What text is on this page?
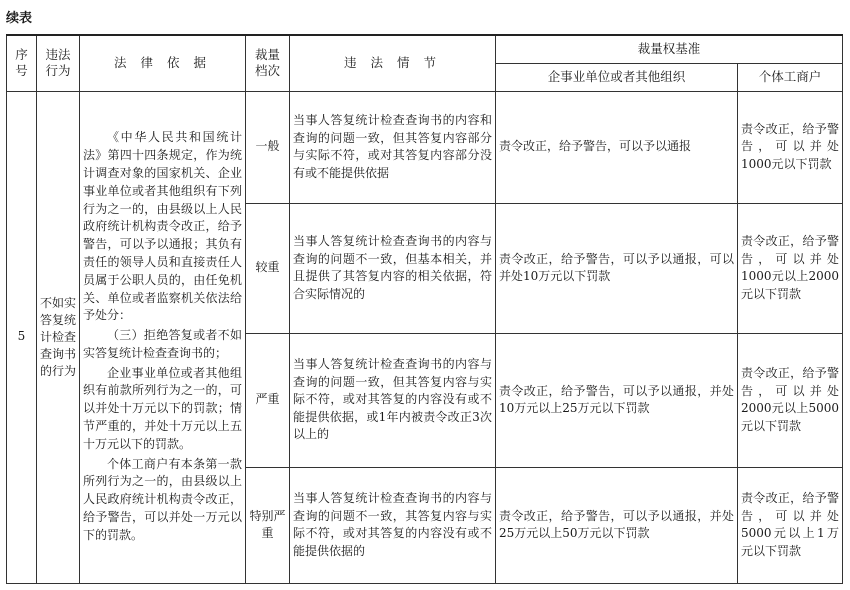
续表
序号	违法行为	法 律 依 据	裁量档次	违 法 情 节	裁量权基准	
					企事业单位或者其他组织	个体工商户
5	不如实答复统计检查查询书的行为	《中华人民共和国统计法》第四十四条规定，作为统计调查对象的国家机关、企业事业单位或者其他组织有下列行为之一的，由县级以上人民政府统计机构责令改正，给予警告，可以予以通报；其负有责任的领导人员和直接责任人员属于公职人员的，由任免机关、单位或者监察机关依法给予处分：

（三）拒绝答复或者不如实答复统计检查查询书的；

企业事业单位或者其他组织有前款所列行为之一的，可以并处十万元以下的罚款；情节严重的，并处十万元以上五十万元以下的罚款。

个体工商户有本条第一款所列行为之一的，由县级以上人民政府统计机构责令改正，给予警告，可以并处一万元以下的罚款。	一般	当事人答复统计检查查询书的内容和查询的问题一致，但其答复内容部分与实际不符，或对其答复内容部分没有或不能提供依据	责令改正，给予警告，可以予以通报	责令改正，给予警告，可以并处1000元以下罚款
			较重	当事人答复统计检查查询书的内容与查询的问题不一致，但基本相关，并且提供了其答复内容的相关依据，符合实际情况的	责令改正，给予警告，可以予以通报，可以并处10万元以下罚款	责令改正，给予警告，可以并处1000元以上2000元以下罚款
			严重	当事人答复统计检查查询书的内容与查询的问题一致，但其答复内容与实际不符，或对其答复的内容没有或不能提供依据，或1年内被责令改正3次以上的	责令改正，给予警告，可以予以通报，并处10万元以上25万元以下罚款	责令改正，给予警告，可以并处2000元以上5000元以下罚款
			特别严重	当事人答复统计检查查询书的内容与查询的问题不一致，其答复内容与实际不符，或对其答复的内容没有或不能提供依据的	责令改正，给予警告，可以予以通报，并处25万元以上50万元以下罚款	责令改正，给予警告，可以并处5000元以上1万元以下罚款
